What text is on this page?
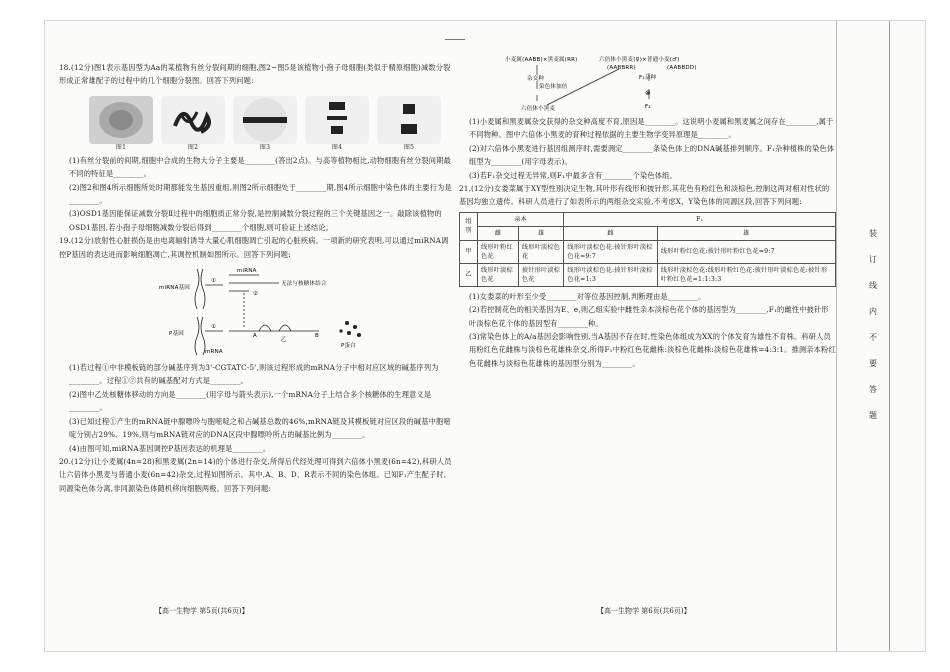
18.(12分)图1表示基因型为Aa的某植物有丝分裂间期的细胞,图2~图5是该植物小孢子母细胞(类似于精原细胞)减数分裂形成正常雄配子的过程中的几个细胞分裂图。回答下列问题:

图1	图2	图3	图4	图5

(1)有丝分裂前的间期,细胞中合成的生物大分子主要是________(答出2点)。与高等植物相比,动物细胞有丝分裂间期最不同的特征是________。

(2)图2和图4所示细胞所处时期都能发生基因重组,则图2所示细胞处于________期,图4所示细胞中染色体的主要行为是________。

(3)OSD1基因能保证减数分裂Ⅱ过程中的细胞质正常分裂,是控制减数分裂过程的三个关键基因之一。敲除该植物的OSD1基因,若小孢子母细胞减数分裂后得到________个细胞,则可验证上述结论。

19.(12分)放射性心脏损伤是由电离辐射诱导大量心肌细胞凋亡引起的心脏疾病。一项新的研究表明,可以通过miRNA调控P基因的表达进而影响细胞凋亡,其调控机制如图所示。回答下列问题:

miRNA
miRNA基因
①
②
无法与核糖体结合
P基因
①
A
乙
B
mRNA
P蛋白

(1)若过程①中非模板链的部分碱基序列为3'-CGTATC-5',则该过程形成的mRNA分子中相对应区域的碱基序列为________。过程①⑦共有的碱基配对方式是________。

(2)图中乙处核糖体移动的方向是________(用字母与箭头表示),一个mRNA分子上结合多个核糖体的生理意义是________。

(3)已知过程①产生的mRNA链中腺嘌呤与胞嘧啶之和占碱基总数的46%,mRNA链及其模板链对应区段的碱基中胞嘧啶分别占29%、19%,则与mRNA链对应的DNA区段中腺嘌呤所占的碱基比例为________。

(4)由图可知,miRNA基因调控P基因表达的机理是________。

20.(12分)让小麦属(4n=28)和黑麦属(2n=14)的个体进行杂交,所得后代经处理可得到六倍体小黑麦(6n=42),科研人员让六倍体小黑麦与普通小麦(6n=42)杂交,过程如图所示。其中,A、B、D、R表示不同的染色体组。已知F₁产生配子时,同源染色体分离,非同源染色体随机移向细胞两极。回答下列问题:

小麦属(AABB)×黑麦属(RR)	六倍体小黑麦(♀)×普通小麦(♂)
(AABBRR)	(AABBDD)
杂交种
染色体加倍
六倍体小黑麦
F₁杂种
⊗
F₂

(1)小麦属和黑麦属杂交获得的杂交种高度不育,原因是________。这说明小麦属和黑麦属之间存在________,属于不同物种。图中六倍体小黑麦的育种过程依据的主要生物学变异原理是________。

(2)对六倍体小黑麦进行基因组测序时,需要测定________条染色体上的DNA碱基排列顺序。F₁杂种植株的染色体组型为________(用字母表示)。

(3)若F₁杂交过程无异常,则F₁中最多含有________个染色体组。

21.(12分)女娄菜属于XY型性别决定生物,其叶形有线形和披针形,其花色有粉红色和淡棕色,控制这两对相对性状的基因均独立遗传。科研人员进行了如表所示的两组杂交实验,不考虑X、Y染色体的同源区段,回答下列问题:

组别	亲本		F₁	
	雌	雄	雌	雄
甲	线形叶粉红色花	线形叶淡棕色花	线形叶淡棕色花:披针形叶淡棕色花=9:7	线形叶粉红色花:披针形叶粉红色花=9:7
乙	线形叶淡棕色花	披针形叶淡棕色花	线形叶淡棕色花:披针形叶淡棕色花=1:3	线形叶淡棕色花:线形叶粉红色花:披针形叶淡棕色花:披针形叶粉红色花=1:1:3:3

(1)女娄菜的叶形至少受________对等位基因控制,判断理由是________。

(2)若控制花色的相关基因为E、e,则乙组实验中雌性亲本淡棕色花个体的基因型为________,F₁的雌性中披针形叶淡棕色花个体的基因型有________种。

(3)常染色体上的A/a基因会影响性别,当A基因不存在时,性染色体组成为XX的个体发育为雄性不育株。科研人员用粉红色花雌株与淡棕色花雄株杂交,所得F₁中粉红色花雌株:淡棕色花雌株:淡棕色花雄株=4:3:1。推测亲本粉红色花雌株与淡棕色花雄株的基因型分别为________。

【高一生物学 第5页(共6页)】	【高一生物学 第6页(共6页)】
装 订 线 内 不 要 答 题
